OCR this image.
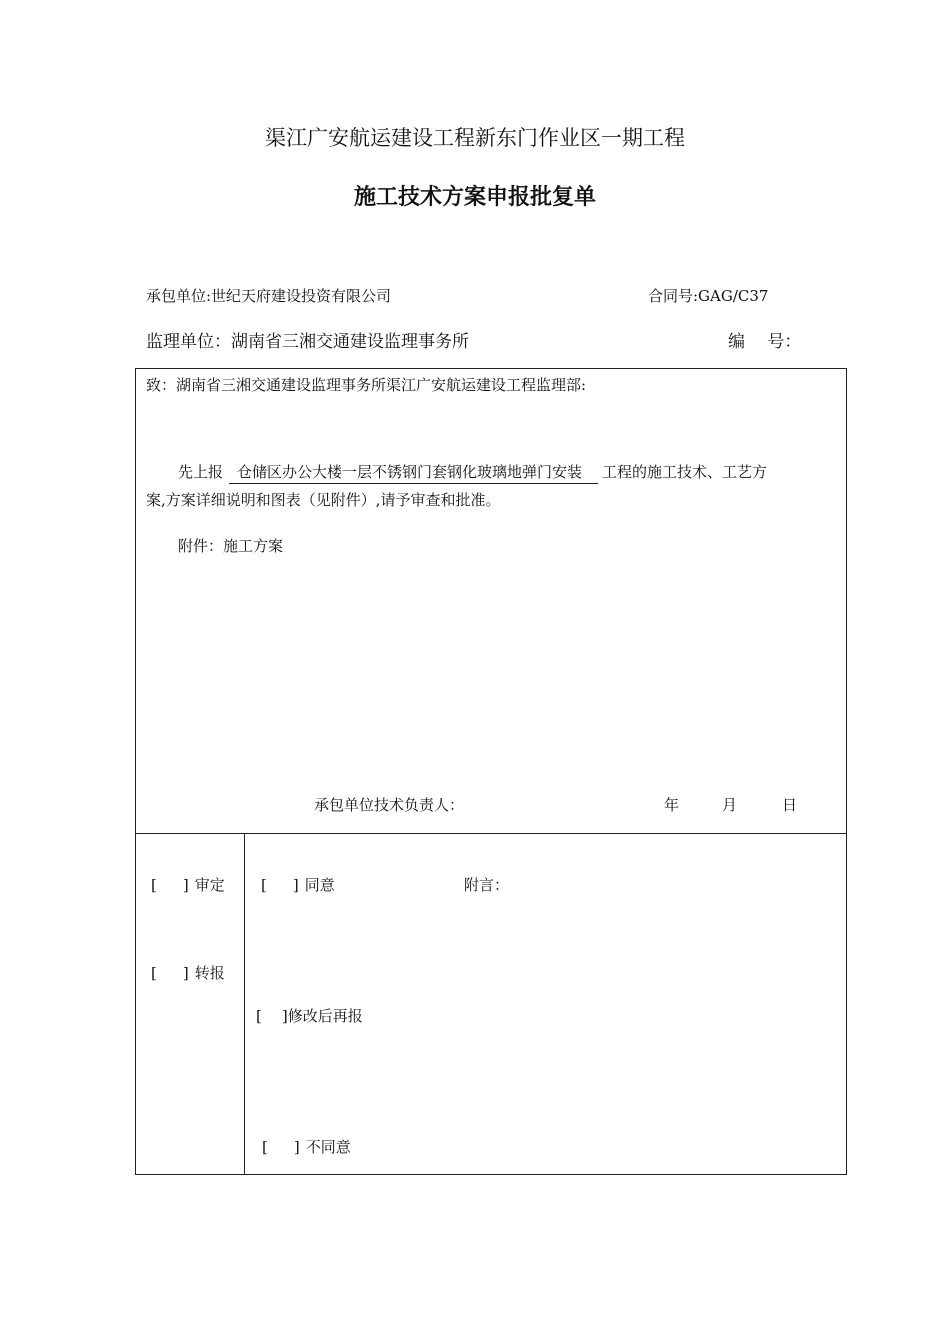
渠江广安航运建设工程新东门作业区一期工程
施工技术方案申报批复单
承包单位:世纪天府建设投资有限公司	合同号:GAG/C37
监理单位：湖南省三湘交通建设监理事务所	编　 号：
致：湖南省三湘交通建设监理事务所渠江广安航运建设工程监理部:
先上报 仓储区办公大楼一层不锈钢门套钢化玻璃地弹门安装 工程的施工技术、工艺方
案,方案详细说明和图表（见附件）,请予审查和批准。
附件：施工方案
承包单位技术负责人：	年	月	日
[ ] 审定
[ ] 转报
[ ] 同意	附言：
[ ]修改后再报
[ ] 不同意
